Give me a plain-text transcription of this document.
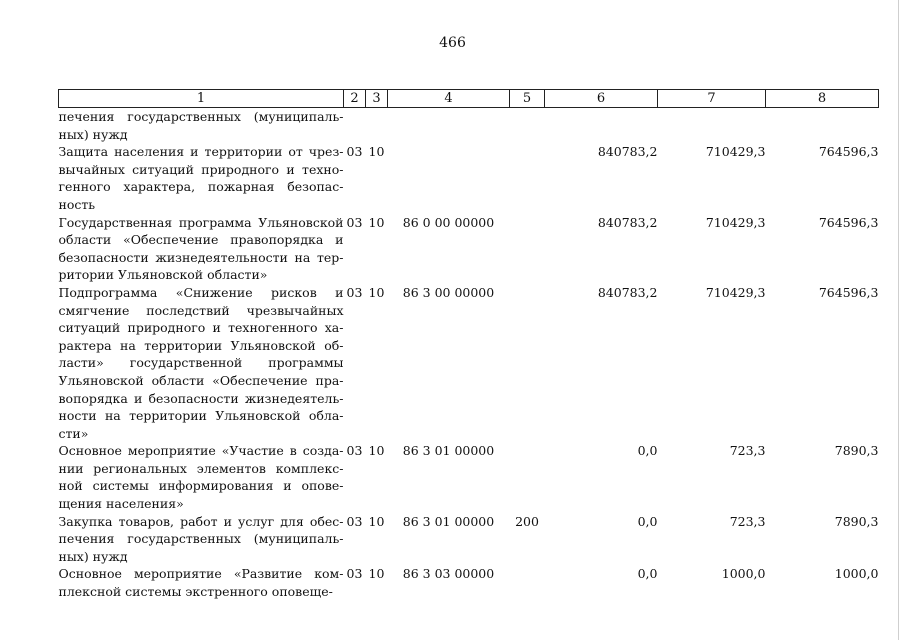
466
1	2	3	4	5	6	7	8
печения государственных (муниципаль-ных) нужд							
Защита населения и территории от чрез-вычайных ситуаций природного и техно-генного характера, пожарная безопас-ность	03	10			840783,2	710429,3	764596,3
Государственная программа Ульяновской области «Обеспечение правопорядка и безопасности жизнедеятельности на тер-ритории Ульяновской области»	03	10	86 0 00 00000		840783,2	710429,3	764596,3
Подпрограмма «Снижение рисков и смягчение последствий чрезвычайных ситуаций природного и техногенного ха-рактера на территории Ульяновской об-ласти» государственной программы Ульяновской области «Обеспечение пра-вопорядка и безопасности жизнедеятель-ности на территории Ульяновской обла-сти»	03	10	86 3 00 00000		840783,2	710429,3	764596,3
Основное мероприятие «Участие в созда-нии региональных элементов комплекс-ной системы информирования и опове-щения населения»	03	10	86 3 01 00000		0,0	723,3	7890,3
Закупка товаров, работ и услуг для обес-печения государственных (муниципаль-ных) нужд	03	10	86 3 01 00000	200	0,0	723,3	7890,3
Основное мероприятие «Развитие ком-плексной системы экстренного оповеще-	03	10	86 3 03 00000		0,0	1000,0	1000,0
